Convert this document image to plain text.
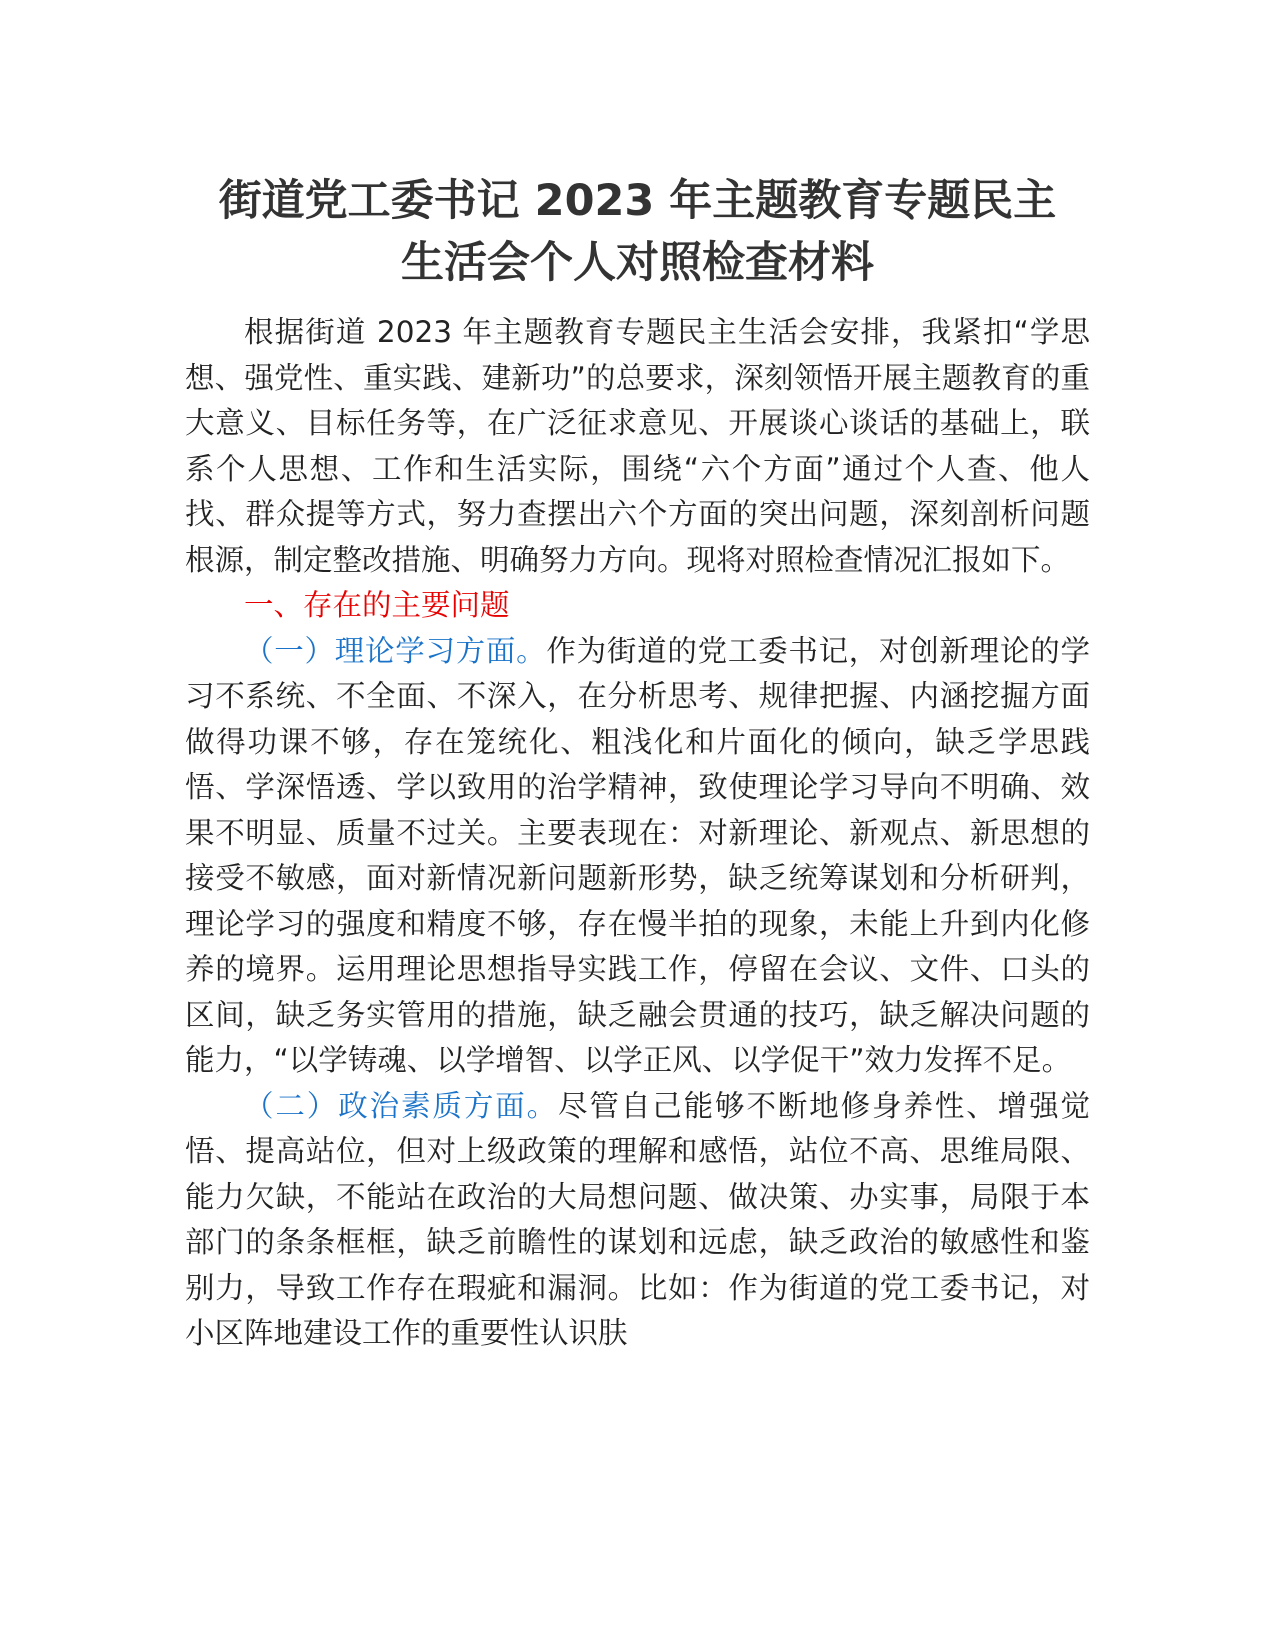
街道党工委书记 2023 年主题教育专题民主
生活会个人对照检查材料

根据街道 2023 年主题教育专题民主生活会安排，我紧扣“学思想、强党性、重实践、建新功”的总要求，深刻领悟开展主题教育的重大意义、目标任务等，在广泛征求意见、开展谈心谈话的基础上，联系个人思想、工作和生活实际，围绕“六个方面”通过个人查、他人找、群众提等方式，努力查摆出六个方面的突出问题，深刻剖析问题根源，制定整改措施、明确努力方向。现将对照检查情况汇报如下。

一、存在的主要问题

（一）理论学习方面。作为街道的党工委书记，对创新理论的学习不系统、不全面、不深入，在分析思考、规律把握、内涵挖掘方面做得功课不够，存在笼统化、粗浅化和片面化的倾向，缺乏学思践悟、学深悟透、学以致用的治学精神，致使理论学习导向不明确、效果不明显、质量不过关。主要表现在：对新理论、新观点、新思想的接受不敏感，面对新情况新问题新形势，缺乏统筹谋划和分析研判，理论学习的强度和精度不够，存在慢半拍的现象，未能上升到内化修养的境界。运用理论思想指导实践工作，停留在会议、文件、口头的区间，缺乏务实管用的措施，缺乏融会贯通的技巧，缺乏解决问题的能力，“以学铸魂、以学增智、以学正风、以学促干”效力发挥不足。

（二）政治素质方面。尽管自己能够不断地修身养性、增强觉悟、提高站位，但对上级政策的理解和感悟，站位不高、思维局限、能力欠缺，不能站在政治的大局想问题、做决策、办实事，局限于本部门的条条框框，缺乏前瞻性的谋划和远虑，缺乏政治的敏感性和鉴别力，导致工作存在瑕疵和漏洞。比如：作为街道的党工委书记，对小区阵地建设工作的重要性认识肤
